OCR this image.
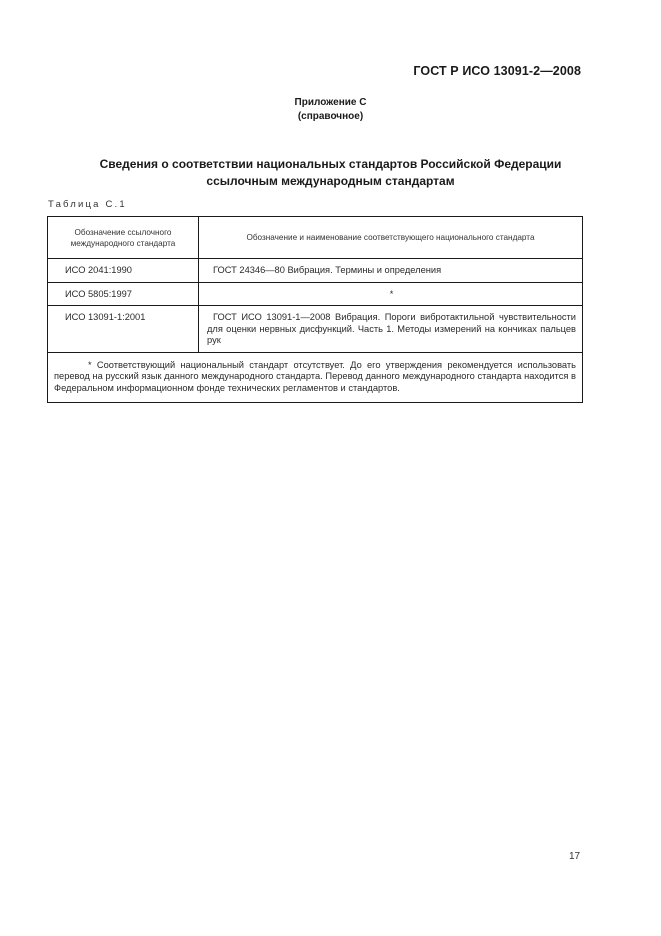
ГОСТ Р ИСО 13091-2—2008
Приложение С
(справочное)
Сведения о соответствии национальных стандартов Российской Федерации
ссылочным международным стандартам
Таблица С.1
Обозначение ссылочного международного стандарта	Обозначение и наименование соответствующего национального стандарта
ИСО 2041:1990	ГОСТ 24346—80 Вибрация. Термины и определения
ИСО 5805:1997	*
ИСО 13091-1:2001	ГОСТ ИСО 13091-1—2008 Вибрация. Пороги вибротактильной чувствительности для оценки нервных дисфункций. Часть 1. Методы измерений на кончиках пальцев рук
* Соответствующий национальный стандарт отсутствует. До его утверждения рекомендуется использовать перевод на русский язык данного международного стандарта. Перевод данного международного стандарта находится в Федеральном информационном фонде технических регламентов и стандартов.	
17
